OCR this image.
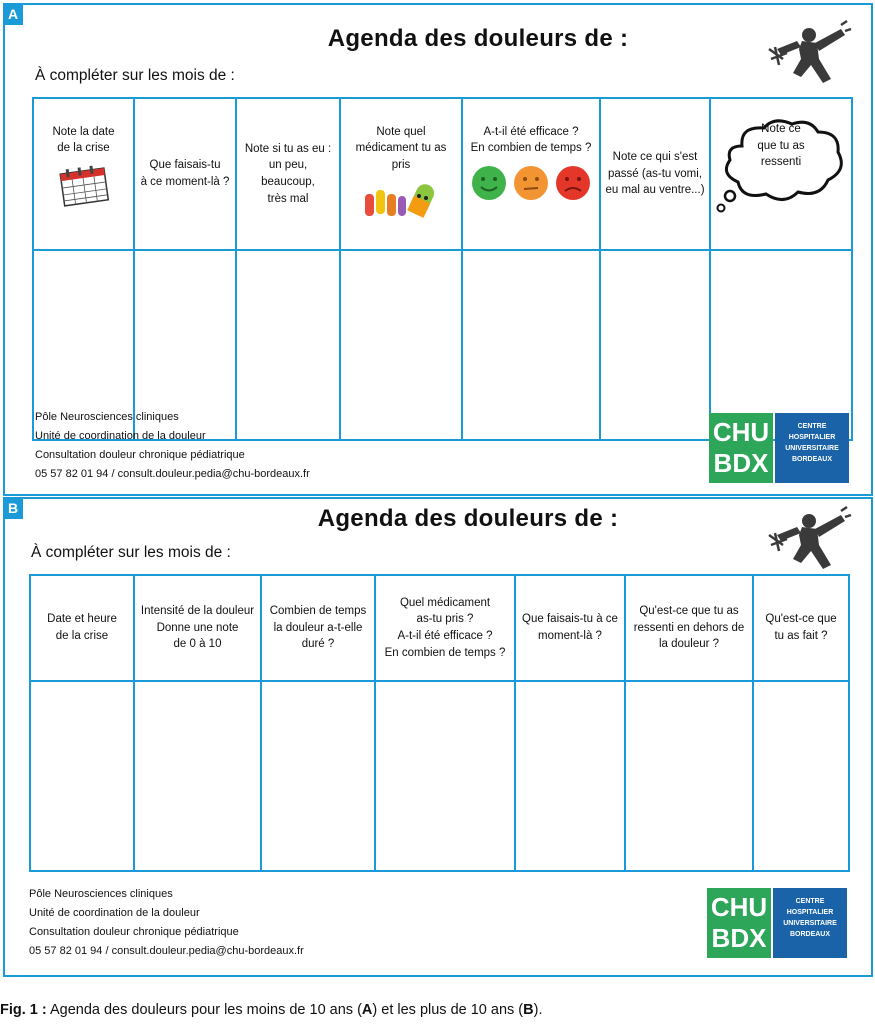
A
Agenda des douleurs de :
À compléter sur les mois de :

Note la date
de la crise	Que faisais-tu
à ce moment-là ?	Note si tu as eu :
un peu,
beaucoup,
très mal	Note quel
médicament tu as pris	A-t-il été efficace ?
En combien de temps ?	Note ce qui s'est
passé (as-tu vomi,
eu mal au ventre...)	Note ce
que tu as
ressenti

Pôle Neurosciences cliniques
Unité de coordination de la douleur
Consultation douleur chronique pédiatrique
05 57 82 01 94 / consult.douleur.pedia@chu-bordeaux.fr
CHU
BDX
CENTRE
HOSPITALIER
UNIVERSITAIRE
BORDEAUX
B	Agenda des douleurs de :
À compléter sur les mois de :
Date et heure
de la crise	Intensité de la douleur
Donne une note
de 0 à 10	Combien de temps
la douleur a-t-elle
duré ?	Quel médicament
as-tu pris ?
A-t-il été efficace ?
En combien de temps ?	Que faisais-tu à ce
moment-là ?	Qu'est-ce que tu as
ressenti en dehors de
la douleur ?	Qu'est-ce que
tu as fait ?

Pôle Neurosciences cliniques
Unité de coordination de la douleur
Consultation douleur chronique pédiatrique
05 57 82 01 94 / consult.douleur.pedia@chu-bordeaux.fr
CHU
BDX
CENTRE
HOSPITALIER
UNIVERSITAIRE
BORDEAUX
Fig. 1 : Agenda des douleurs pour les moins de 10 ans (A) et les plus de 10 ans (B).
